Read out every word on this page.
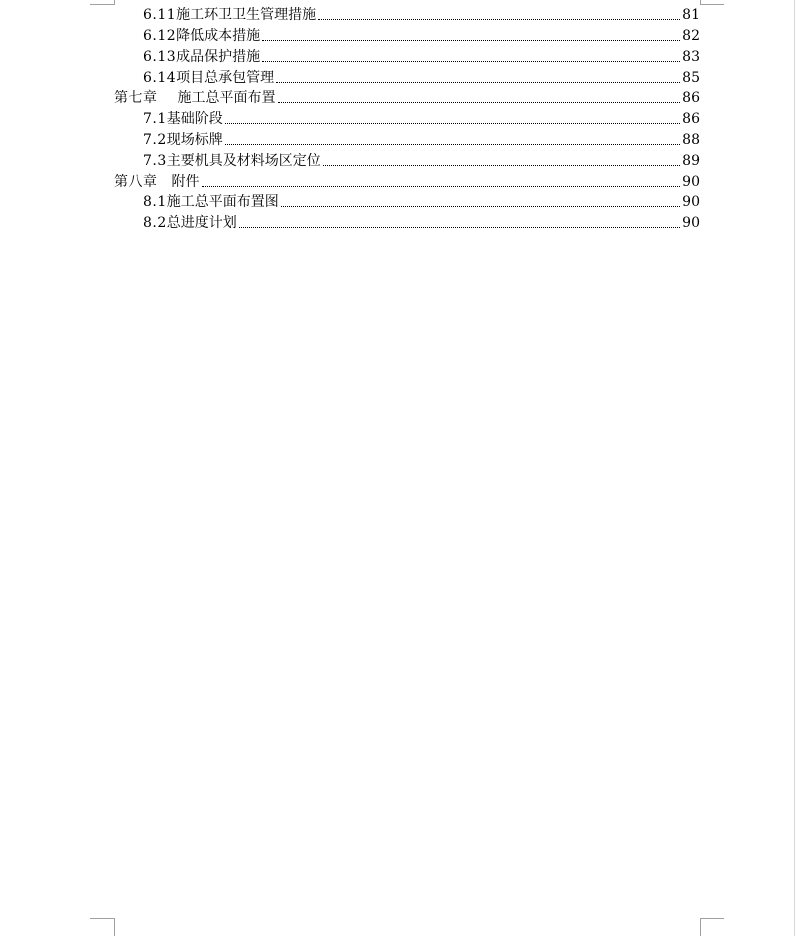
6.11施工环卫卫生管理措施	81
6.12降低成本措施	82
6.13成品保护措施	83
6.14项目总承包管理	85
第七章 施工总平面布置	86
7.1基础阶段	86
7.2现场标牌	88
7.3主要机具及材料场区定位	89
第八章 附件	90
8.1施工总平面布置图	90
8.2总进度计划	90
